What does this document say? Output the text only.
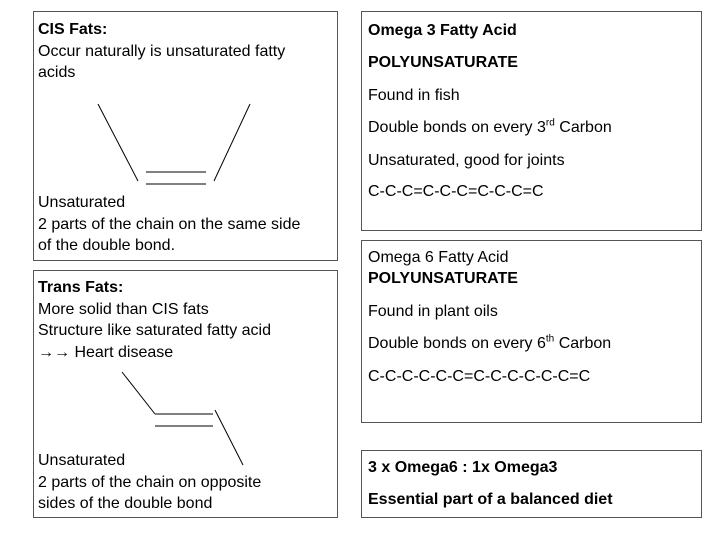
CIS Fats:

Occur naturally is unsaturated fatty

acids

Unsaturated

2 parts of the chain on the same side

of the double bond.

Trans Fats:

More solid than CIS fats

Structure like saturated fatty acid

→→ Heart disease

Unsaturated

2 parts of the chain on opposite

sides of the double bond

Omega 3 Fatty Acid

POLYUNSATURATE

Found in fish

Double bonds on every 3rd Carbon

Unsaturated, good for joints

C-C-C=C-C-C=C-C-C=C

Omega 6 Fatty Acid

POLYUNSATURATE

Found in plant oils

Double bonds on every 6th Carbon

C-C-C-C-C-C=C-C-C-C-C-C=C

3 x Omega6 : 1x Omega3

Essential part of a balanced diet
